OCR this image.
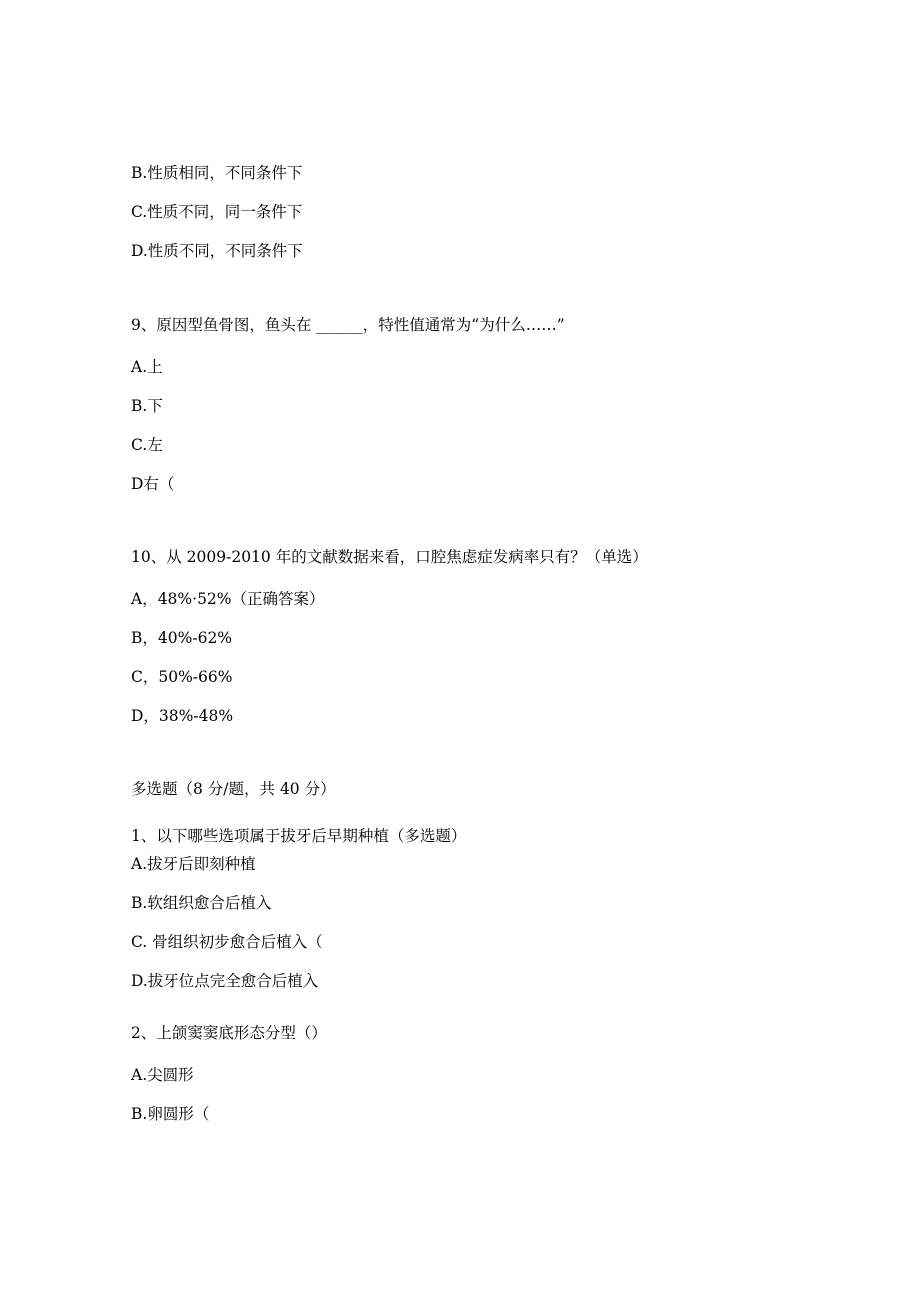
B.性质相同，不同条件下
C.性质不同，同一条件下
D.性质不同，不同条件下
9、原因型鱼骨图，鱼头在 ______，特性值通常为“为什么……”
A.上
B.下
C.左
D右（
10、从 2009-2010 年的文献数据来看，口腔焦虑症发病率只有？（单选）
A，48%·52%（正确答案）
B，40%-62%
C，50%-66%
D，38%-48%
多选题（8 分/题，共 40 分）
1、以下哪些选项属于拔牙后早期种植（多选题）
A.拔牙后即刻种植
B.软组织愈合后植入
C. 骨组织初步愈合后植入（
D.拔牙位点完全愈合后植入
2、上颌窦窦底形态分型（）
A.尖圆形
B.卵圆形（
